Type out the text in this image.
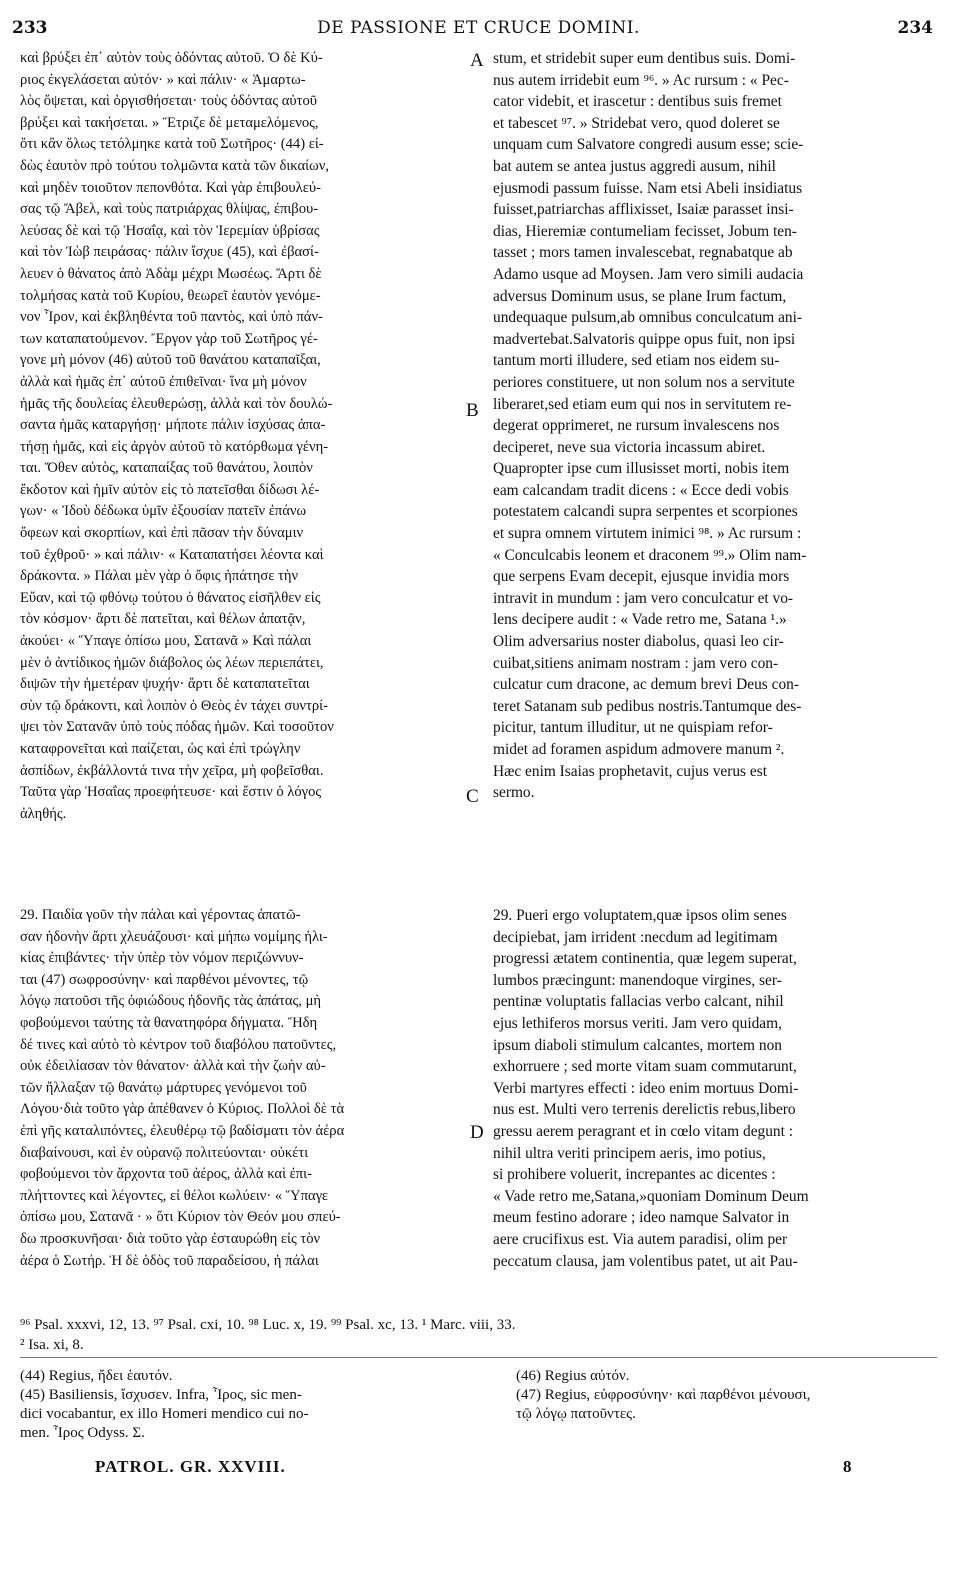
233	DE PASSIONE ET CRUCE DOMINI.	234
καὶ βρύξει ἐπ᾽ αὐτὸν τοὺς ὀδόντας αὐτοῦ. Ὁ δὲ Κύ-
ριος ἐκγελάσεται αὐτόν· » καὶ πάλιν· « Ἁμαρτω-
λὸς ὄψεται, καὶ ὀργισθήσεται· τοὺς ὀδόντας αὐτοῦ
βρύξει καὶ τακήσεται. » Ἔτριζε δὲ μεταμελόμενος,
ὅτι κἂν ὅλως τετόλμηκε κατὰ τοῦ Σωτῆρος· (44) εἰ-
δὼς ἑαυτὸν πρὸ τούτου τολμῶντα κατὰ τῶν δικαίων,
καὶ μηδὲν τοιοῦτον πεπονθότα. Καὶ γὰρ ἐπιβουλεύ-
σας τῷ Ἄβελ, καὶ τοὺς πατριάρχας θλίψας, ἐπιβου-
λεύσας δὲ καὶ τῷ Ἡσαΐᾳ, καὶ τὸν Ἱερεμίαν ὑβρίσας
καὶ τὸν Ἰὼβ πειράσας· πάλιν ἴσχυε (45), καὶ ἐβασί-
λευεν ὁ θάνατος ἀπὸ Ἀδὰμ μέχρι Μωσέως. Ἄρτι δὲ
τολμήσας κατὰ τοῦ Κυρίου, θεωρεῖ ἑαυτὸν γενόμε-
νον Ἶρον, καὶ ἐκβληθέντα τοῦ παντὸς, καὶ ὑπὸ πάν-
των καταπατούμενον. Ἔργον γὰρ τοῦ Σωτῆρος γέ-
γονε μὴ μόνον (46) αὐτοῦ τοῦ θανάτου καταπαῖξαι,
ἀλλὰ καὶ ἡμᾶς ἐπ᾽ αὐτοῦ ἐπιθεῖναι· ἵνα μὴ μόνον
ἡμᾶς τῆς δουλείας ἐλευθερώσῃ, ἀλλὰ καὶ τὸν δουλώ-
σαντα ἡμᾶς καταργήσῃ· μήποτε πάλιν ἰσχύσας ἀπα-
τήσῃ ἡμᾶς, καὶ εἰς ἀργὸν αὐτοῦ τὸ κατόρθωμα γένη-
ται. Ὅθεν αὐτὸς, καταπαίξας τοῦ θανάτου, λοιπὸν
ἔκδοτον καὶ ἡμῖν αὐτὸν εἰς τὸ πατεῖσθαι δίδωσι λέ-
γων· « Ἰδοὺ δέδωκα ὑμῖν ἐξουσίαν πατεῖν ἐπάνω
ὄφεων καὶ σκορπίων, καὶ ἐπὶ πᾶσαν τὴν δύναμιν
τοῦ ἐχθροῦ· » καὶ πάλιν· « Καταπατήσει λέοντα καὶ
δράκοντα. » Πάλαι μὲν γὰρ ὁ ὄφις ἠπάτησε τὴν
Εὔαν, καὶ τῷ φθόνῳ τούτου ὁ θάνατος εἰσῆλθεν εἰς
τὸν κόσμον· ἄρτι δὲ πατεῖται, καὶ θέλων ἀπατᾷν,
ἀκούει· « Ὕπαγε ὀπίσω μου, Σατανᾶ » Καὶ πάλαι
μὲν ὁ ἀντίδικος ἡμῶν διάβολος ὡς λέων περιεπάτει,
διψῶν τὴν ἡμετέραν ψυχήν· ἄρτι δὲ καταπατεῖται
σὺν τῷ δράκοντι, καὶ λοιπὸν ὁ Θεὸς ἐν τάχει συντρί-
ψει τὸν Σατανᾶν ὑπὸ τοὺς πόδας ἡμῶν. Καὶ τοσοῦτον
καταφρονεῖται καὶ παίζεται, ὡς καὶ ἐπὶ τρώγλην
ἀσπίδων, ἐκβάλλοντά τινα τὴν χεῖρα, μὴ φοβεῖσθαι.
Ταῦτα γὰρ Ἡσαΐας προεφήτευσε· καὶ ἔστιν ὁ λόγος
ἀληθής.
stum, et stridebit super eum dentibus suis. Domi-
nus autem irridebit eum ⁹⁶. » Ac rursum : « Pec-
cator videbit, et irascetur : dentibus suis fremet
et tabescet ⁹⁷. » Stridebat vero, quod doleret se
unquam cum Salvatore congredi ausum esse; scie-
bat autem se antea justus aggredi ausum, nihil
ejusmodi passum fuisse. Nam etsi Abeli insidiatus
fuisset,patriarchas afflixisset, Isaiæ parasset insi-
dias, Hieremiæ contumeliam fecisset, Jobum ten-
tasset ; mors tamen invalescebat, regnabatque ab
Adamo usque ad Moysen. Jam vero simili audacia
adversus Dominum usus, se plane Irum factum,
undequaque pulsum,ab omnibus conculcatum ani-
madvertebat.Salvatoris quippe opus fuit, non ipsi
tantum morti illudere, sed etiam nos eidem su-
periores constituere, ut non solum nos a servitute
liberaret,sed etiam eum qui nos in servitutem re-
degerat opprimeret, ne rursum invalescens nos
deciperet, neve sua victoria incassum abiret.
Quapropter ipse cum illusisset morti, nobis item
eam calcandam tradit dicens : « Ecce dedi vobis
potestatem calcandi supra serpentes et scorpiones
et supra omnem virtutem inimici ⁹⁸. » Ac rursum :
« Conculcabis leonem et draconem ⁹⁹.» Olim nam-
que serpens Evam decepit, ejusque invidia mors
intravit in mundum : jam vero conculcatur et vo-
lens decipere audit : « Vade retro me, Satana ¹.»
Olim adversarius noster diabolus, quasi leo cir-
cuibat,sitiens animam nostram : jam vero con-
culcatur cum dracone, ac demum brevi Deus con-
teret Satanam sub pedibus nostris.Tantumque des-
picitur, tantum illuditur, ut ne quispiam refor-
midet ad foramen aspidum admovere manum ².
Hæc enim Isaias prophetavit, cujus verus est
sermo.
29. Παιδία γοῦν τὴν πάλαι καὶ γέροντας ἀπατῶ-
σαν ἡδονὴν ἄρτι χλευάζουσι· καὶ μήπω νομίμης ἡλι-
κίας ἐπιβάντες· τὴν ὑπὲρ τὸν νόμον περιζώννυν-
ται (47) σωφροσύνην· καὶ παρθένοι μένοντες, τῷ
λόγῳ πατοῦσι τῆς ὀφιώδους ἡδονῆς τὰς ἀπάτας, μὴ
φοβούμενοι ταύτης τὰ θανατηφόρα δήγματα. Ἤδη
δέ τινες καὶ αὐτὸ τὸ κέντρον τοῦ διαβόλου πατοῦντες,
οὐκ ἐδειλίασαν τὸν θάνατον· ἀλλὰ καὶ τὴν ζωὴν αὐ-
τῶν ἤλλαξαν τῷ θανάτῳ μάρτυρες γενόμενοι τοῦ
Λόγου·διὰ τοῦτο γὰρ ἀπέθανεν ὁ Κύριος. Πολλοὶ δὲ τὰ
ἐπὶ γῆς καταλιπόντες, ἐλευθέρῳ τῷ βαδίσματι τὸν ἀέρα
διαβαίνουσι, καὶ ἐν οὐρανῷ πολιτεύονται· οὐκέτι
φοβούμενοι τὸν ἄρχοντα τοῦ ἀέρος, ἀλλὰ καὶ ἐπι-
πλήττοντες καὶ λέγοντες, εἰ θέλοι κωλύειν· « Ὕπαγε
ὀπίσω μου, Σατανᾶ · » ὅτι Κύριον τὸν Θεόν μου σπεύ-
δω προσκυνῆσαι· διὰ τοῦτο γὰρ ἐσταυρώθη εἰς τὸν
ἀέρα ὁ Σωτήρ. Ἡ δὲ ὁδὸς τοῦ παραδείσου, ἡ πάλαι
29. Pueri ergo voluptatem,quæ ipsos olim senes
decipiebat, jam irrident :necdum ad legitimam
progressi ætatem continentia, quæ legem superat,
lumbos præcingunt: manendoque virgines, ser-
pentinæ voluptatis fallacias verbo calcant, nihil
ejus lethiferos morsus veriti. Jam vero quidam,
ipsum diaboli stimulum calcantes, mortem non
exhorruere ; sed morte vitam suam commutarunt,
Verbi martyres effecti : ideo enim mortuus Domi-
nus est. Multi vero terrenis derelictis rebus,libero
gressu aerem peragrant et in cœlo vitam degunt :
nihil ultra veriti principem aeris, imo potius,
si prohibere voluerit, increpantes ac dicentes :
« Vade retro me,Satana,»quoniam Dominum Deum
meum festino adorare ; ideo namque Salvator in
aere crucifixus est. Via autem paradisi, olim per
peccatum clausa, jam volentibus patet, ut ait Pau-
A
B
C
D
⁹⁶ Psal. xxxvi, 12, 13. ⁹⁷ Psal. cxi, 10. ⁹⁸ Luc. x, 19. ⁹⁹ Psal. xc, 13. ¹ Marc. viii, 33.
² Isa. xi, 8.
(44) Regius, ἤδει ἑαυτόν.
(45) Basiliensis, ἴσχυσεν. Infra, Ἶρος, sic men-
dici vocabantur, ex illo Homeri mendico cui no-
men. Ἶρος Odyss. Σ.
(46) Regius αὐτόν.
(47) Regius, εὐφροσύνην· καὶ παρθένοι μένουσι,
τῷ λόγῳ πατοῦντες.
PATROL. GR. XXVIII.	8
